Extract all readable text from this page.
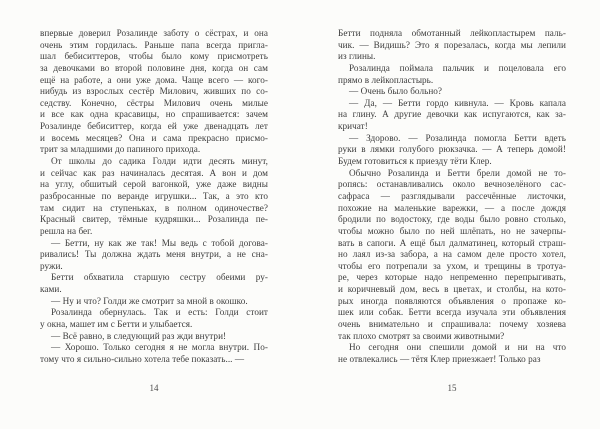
впервые доверил Розалинде заботу о сёстрах, и она
очень этим гордилась. Раньше папа всегда пригла-
шал бебиситтеров, чтобы было кому присмотреть
за девочками во второй половине дня, когда он сам
ещё на работе, а они уже дома. Чаще всего — кого-
нибудь из взрослых сестёр Милович, живших по со-
седству. Конечно, сёстры Милович очень милые
и все как одна красавицы, но спрашивается: зачем
Розалинде бебиситтер, когда ей уже двенадцать лет
и восемь месяцев? Она и сама прекрасно присмо-
трит за младшими до папиного прихода.
От школы до садика Голди идти десять минут,
и сейчас как раз начиналась десятая. А вон и дом
на углу, обшитый серой вагонкой, уже даже видны
разбросанные по веранде игрушки... Так, а это кто
там сидит на ступеньках, в полном одиночестве?
Красный свитер, тёмные кудряшки... Розалинда пе-
решла на бег.
— Бетти, ну как же так! Мы ведь с тобой догова-
ривались! Ты должна ждать меня внутри, а не сна-
ружи.
Бетти обхватила старшую сестру обеими ру-
ками.
— Ну и что? Голди же смотрит за мной в окошко.
Розалинда обернулась. Так и есть: Голди стоит
у окна, машет им с Бетти и улыбается.
— Всё равно, в следующий раз жди внутри!
— Хорошо. Только сегодня я не могла внутри. По-
тому что я сильно-сильно хотела тебе показать... —
Бетти подняла обмотанный лейкопластырем паль-
чик. — Видишь? Это я порезалась, когда мы лепили
из глины.
Розалинда поймала пальчик и поцеловала его
прямо в лейкопластырь.
— Очень было больно?
— Да, — Бетти гордо кивнула. — Кровь капала
на глину. А другие девочки как испугаются, как за-
кричат!
— Здорово. — Розалинда помогла Бетти вдеть
руки в лямки голубого рюкзачка. — А теперь домой!
Будем готовиться к приезду тёти Клер.
Обычно Розалинда и Бетти брели домой не то-
ропясь: останавливались около вечнозелёного сас-
сафраса — разглядывали рассечённые листочки,
похожие на маленькие варежки, — а после дождя
бродили по водостоку, где воды было ровно столько,
чтобы можно было по ней шлёпать, но не зачерпы-
вать в сапоги. А ещё был далматинец, который страш-
но лаял из-за забора, а на самом деле просто хотел,
чтобы его потрепали за ухом, и трещины в тротуа-
ре, через которые надо непременно перепрыгивать,
и коричневый дом, весь в цветах, и столбы, на кото-
рых иногда появляются объявления о пропаже ко-
шек или собак. Бетти всегда изучала эти объявления
очень внимательно и спрашивала: почему хозяева
так плохо смотрят за своими животными?
Но сегодня они спешили домой и ни на что
не отвлекались — тётя Клер приезжает! Только раз
14	15
